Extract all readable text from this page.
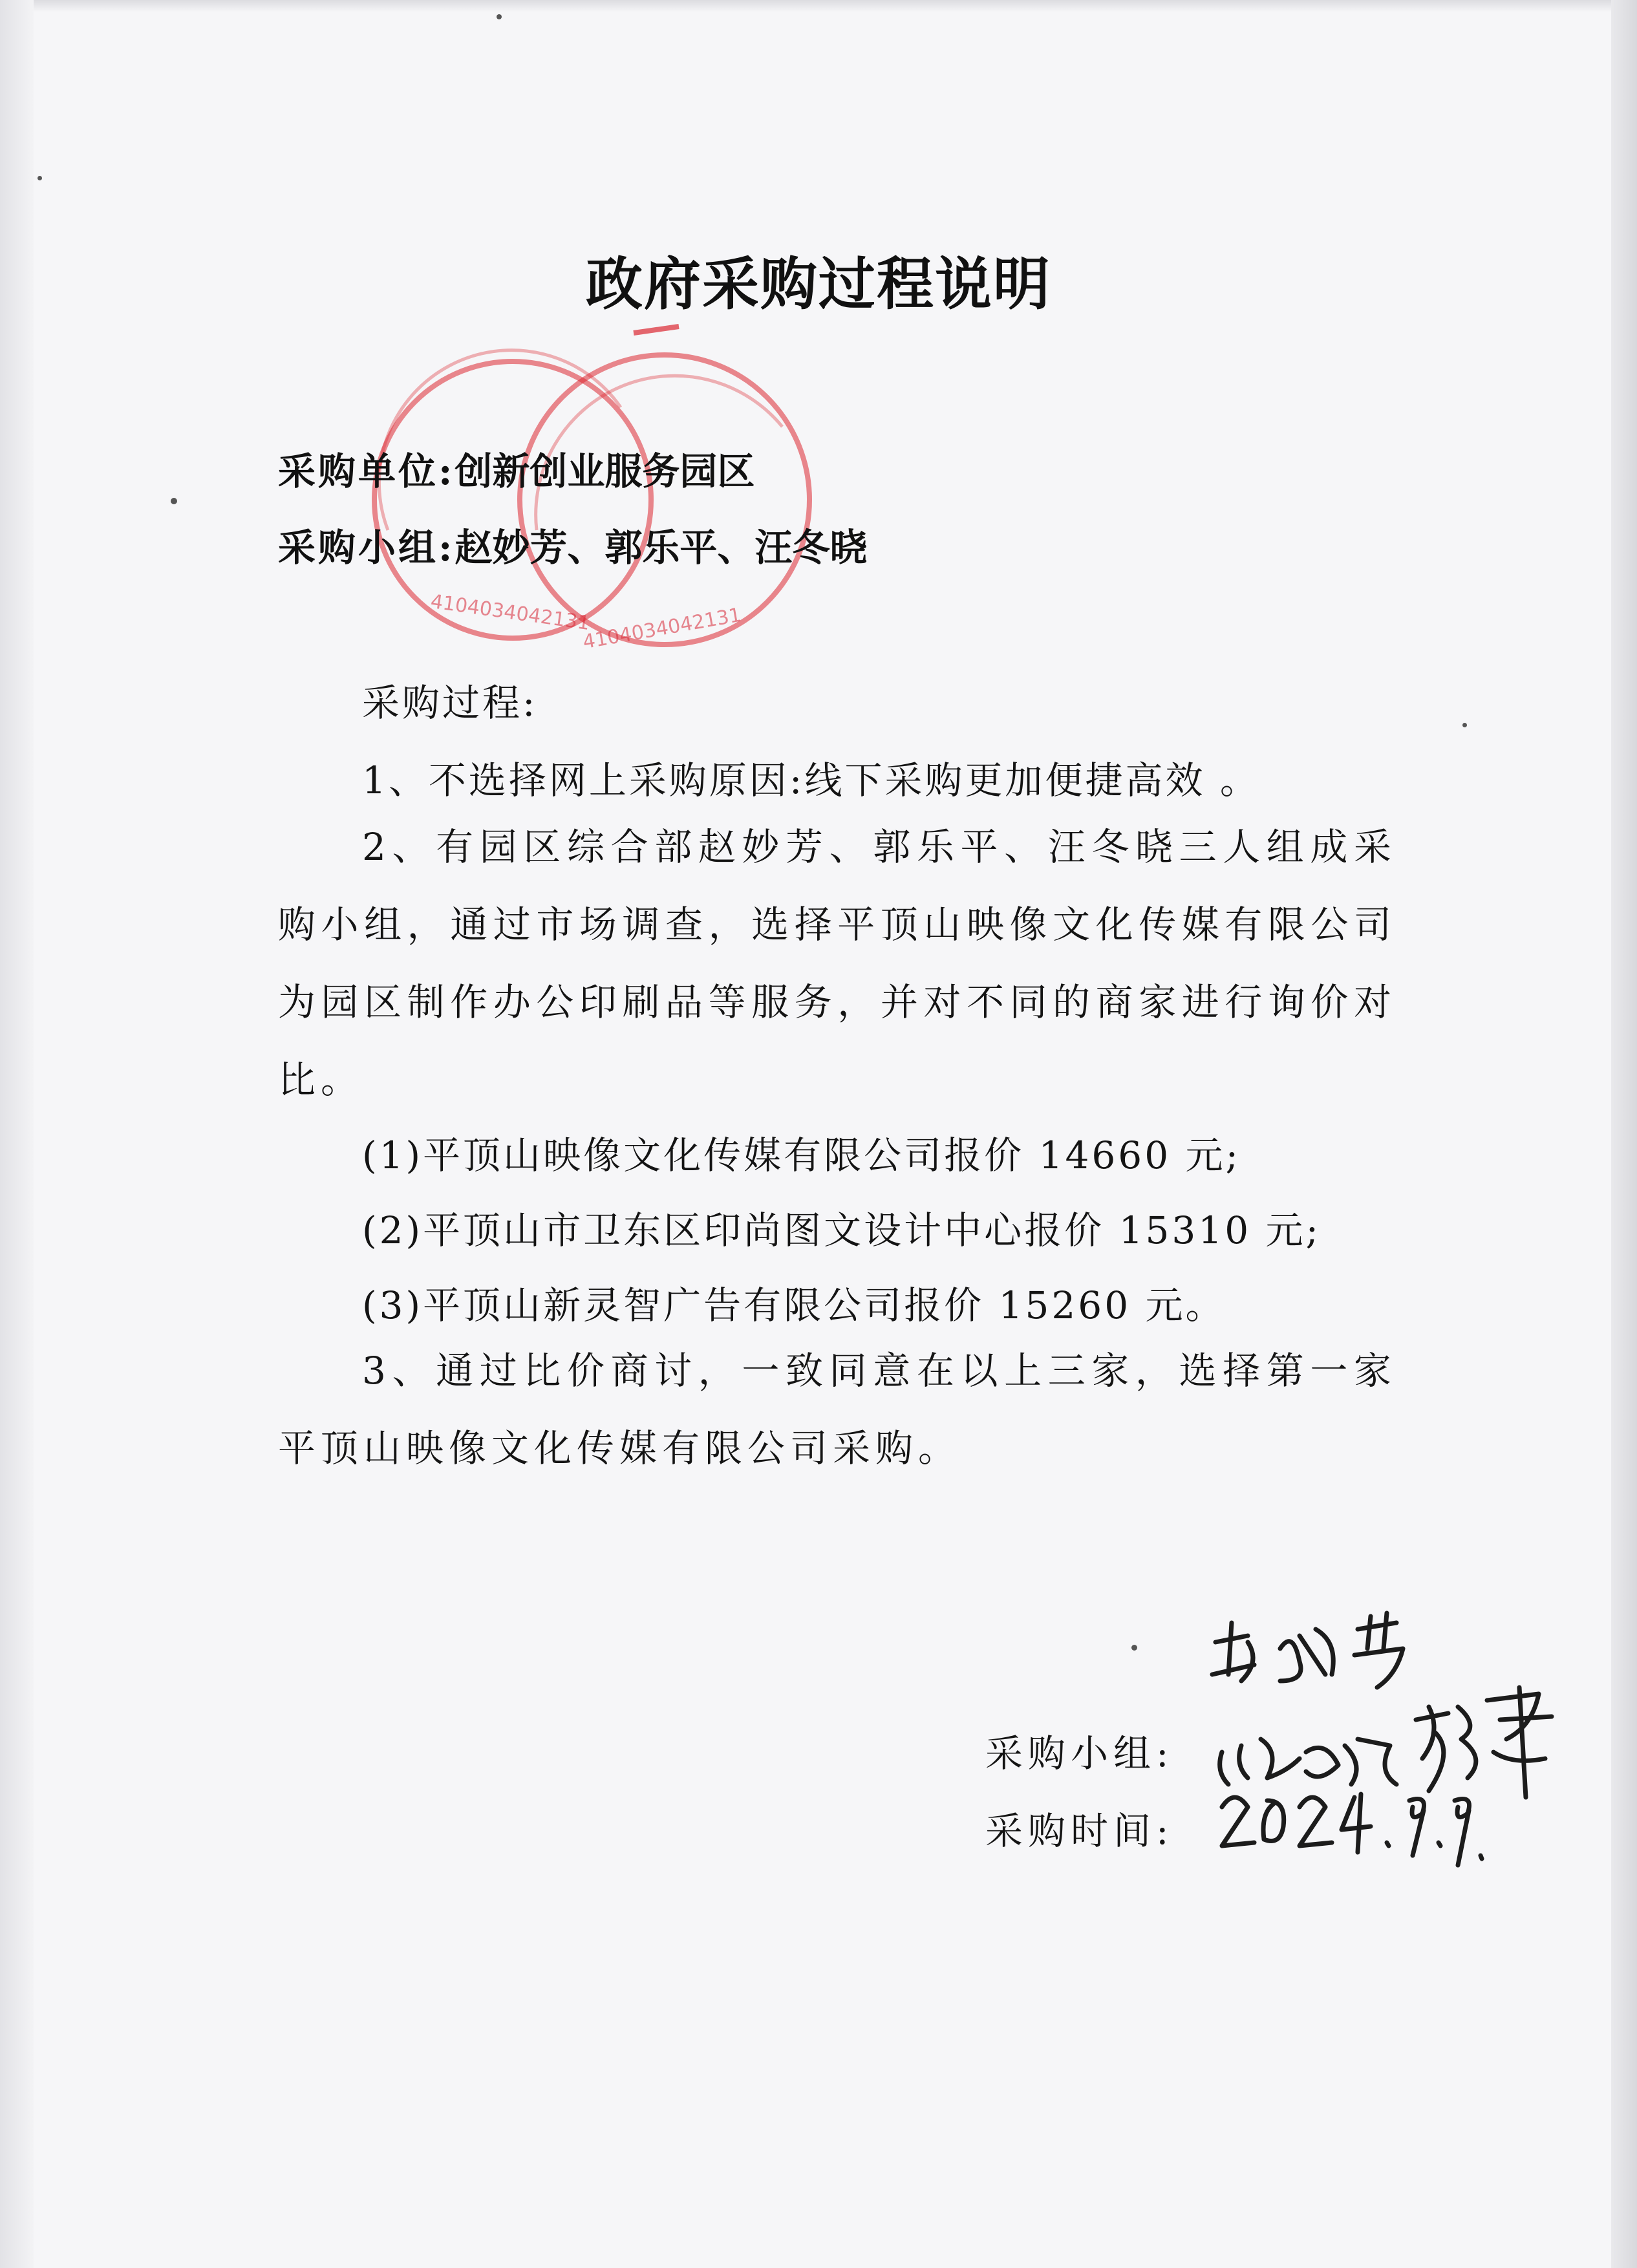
4104034042131
4104034042131
政府采购过程说明
采购单位:创新创业服务园区
采购小组:赵妙芳、郭乐平、汪冬晓
采购过程:
1、不选择网上采购原因:线下采购更加便捷高效 。
2、有园区综合部赵妙芳、郭乐平、汪冬晓三人组成采购小组，通过市场调查，选择平顶山映像文化传媒有限公司为园区制作办公印刷品等服务，并对不同的商家进行询价对比。
(1)平顶山映像文化传媒有限公司报价 14660 元;
(2)平顶山市卫东区印尚图文设计中心报价 15310 元;
(3)平顶山新灵智广告有限公司报价 15260 元。
3、通过比价商讨，一致同意在以上三家，选择第一家平顶山映像文化传媒有限公司采购。
采购小组:
采购时间:
